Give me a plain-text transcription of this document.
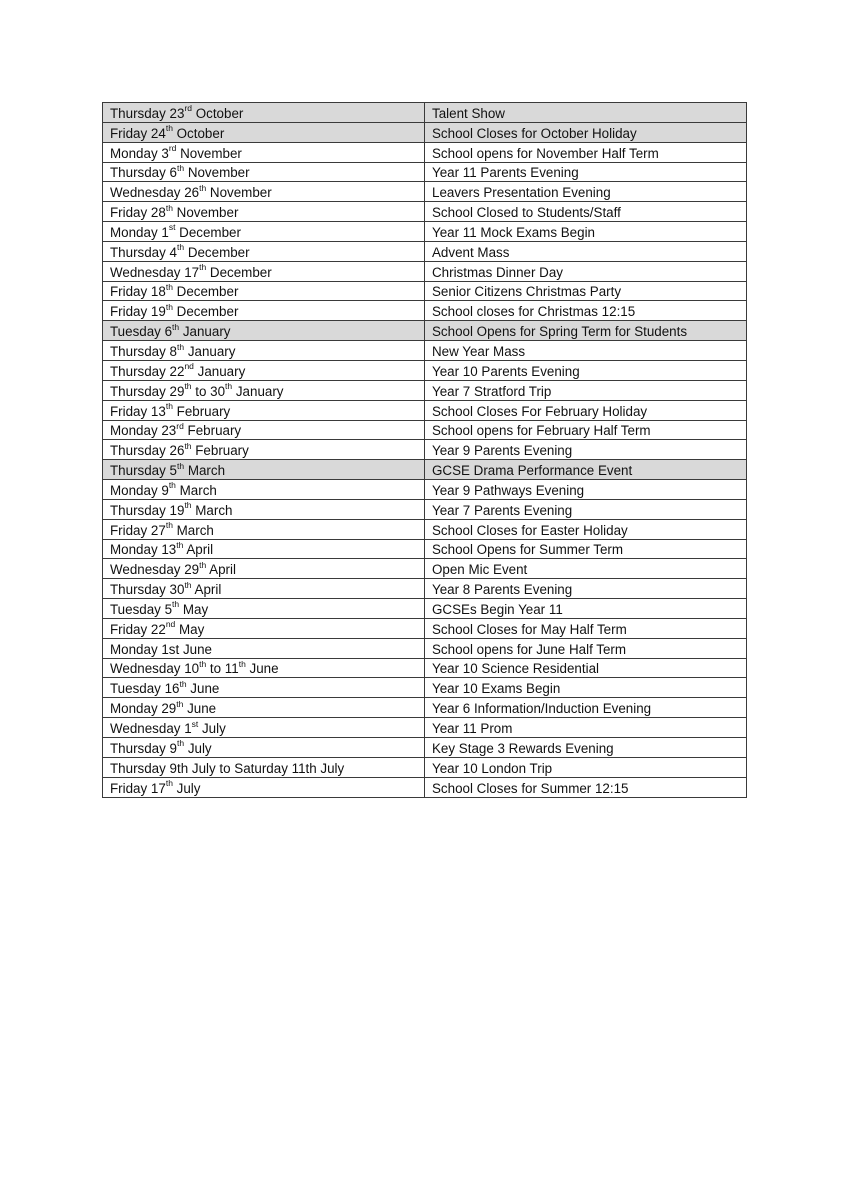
Thursday 23rd October	Talent Show
Friday 24th October	School Closes for October Holiday
Monday 3rd November	School opens for November Half Term
Thursday 6th November	Year 11 Parents Evening
Wednesday 26th November	Leavers Presentation Evening
Friday 28th November	School Closed to Students/Staff
Monday 1st December	Year 11 Mock Exams Begin
Thursday 4th December	Advent Mass
Wednesday 17th December	Christmas Dinner Day
Friday 18th December	Senior Citizens Christmas Party
Friday 19th December	School closes for Christmas 12:15
Tuesday 6th January	School Opens for Spring Term for Students
Thursday 8th January	New Year Mass
Thursday 22nd January	Year 10 Parents Evening
Thursday 29th to 30th January	Year 7 Stratford Trip
Friday 13th February	School Closes For February Holiday
Monday 23rd February	School opens for February Half Term
Thursday 26th February	Year 9 Parents Evening
Thursday 5th March	GCSE Drama Performance Event
Monday 9th March	Year 9 Pathways Evening
Thursday 19th March	Year 7 Parents Evening
Friday 27th March	School Closes for Easter Holiday
Monday 13th April	School Opens for Summer Term
Wednesday 29th April	Open Mic Event
Thursday 30th April	Year 8 Parents Evening
Tuesday 5th May	GCSEs Begin Year 11
Friday 22nd May	School Closes for May Half Term
Monday 1st June	School opens for June Half Term
Wednesday 10th to 11th June	Year 10 Science Residential
Tuesday 16th June	Year 10 Exams Begin
Monday 29th June	Year 6 Information/Induction Evening
Wednesday 1st July	Year 11 Prom
Thursday 9th July	Key Stage 3 Rewards Evening
Thursday 9th July to Saturday 11th July	Year 10 London Trip
Friday 17th July	School Closes for Summer 12:15
